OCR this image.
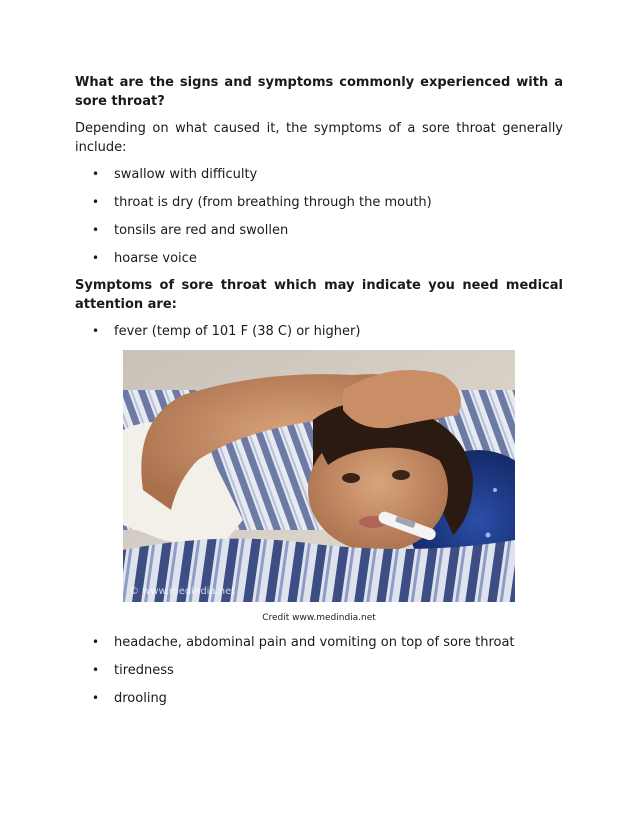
What are the signs and symptoms commonly experienced with a sore throat?

Depending on what caused it, the symptoms of a sore throat generally include:

• swallow with difficulty
• throat is dry (from breathing through the mouth)
• tonsils are red and swollen
• hoarse voice
Symptoms of sore throat which may indicate you need medical attention are:
• fever (temp of 101 F (38 C) or higher)
© www.medindia.net
Credit www.medindia.net
• headache, abdominal pain and vomiting on top of sore throat
• tiredness
• drooling
